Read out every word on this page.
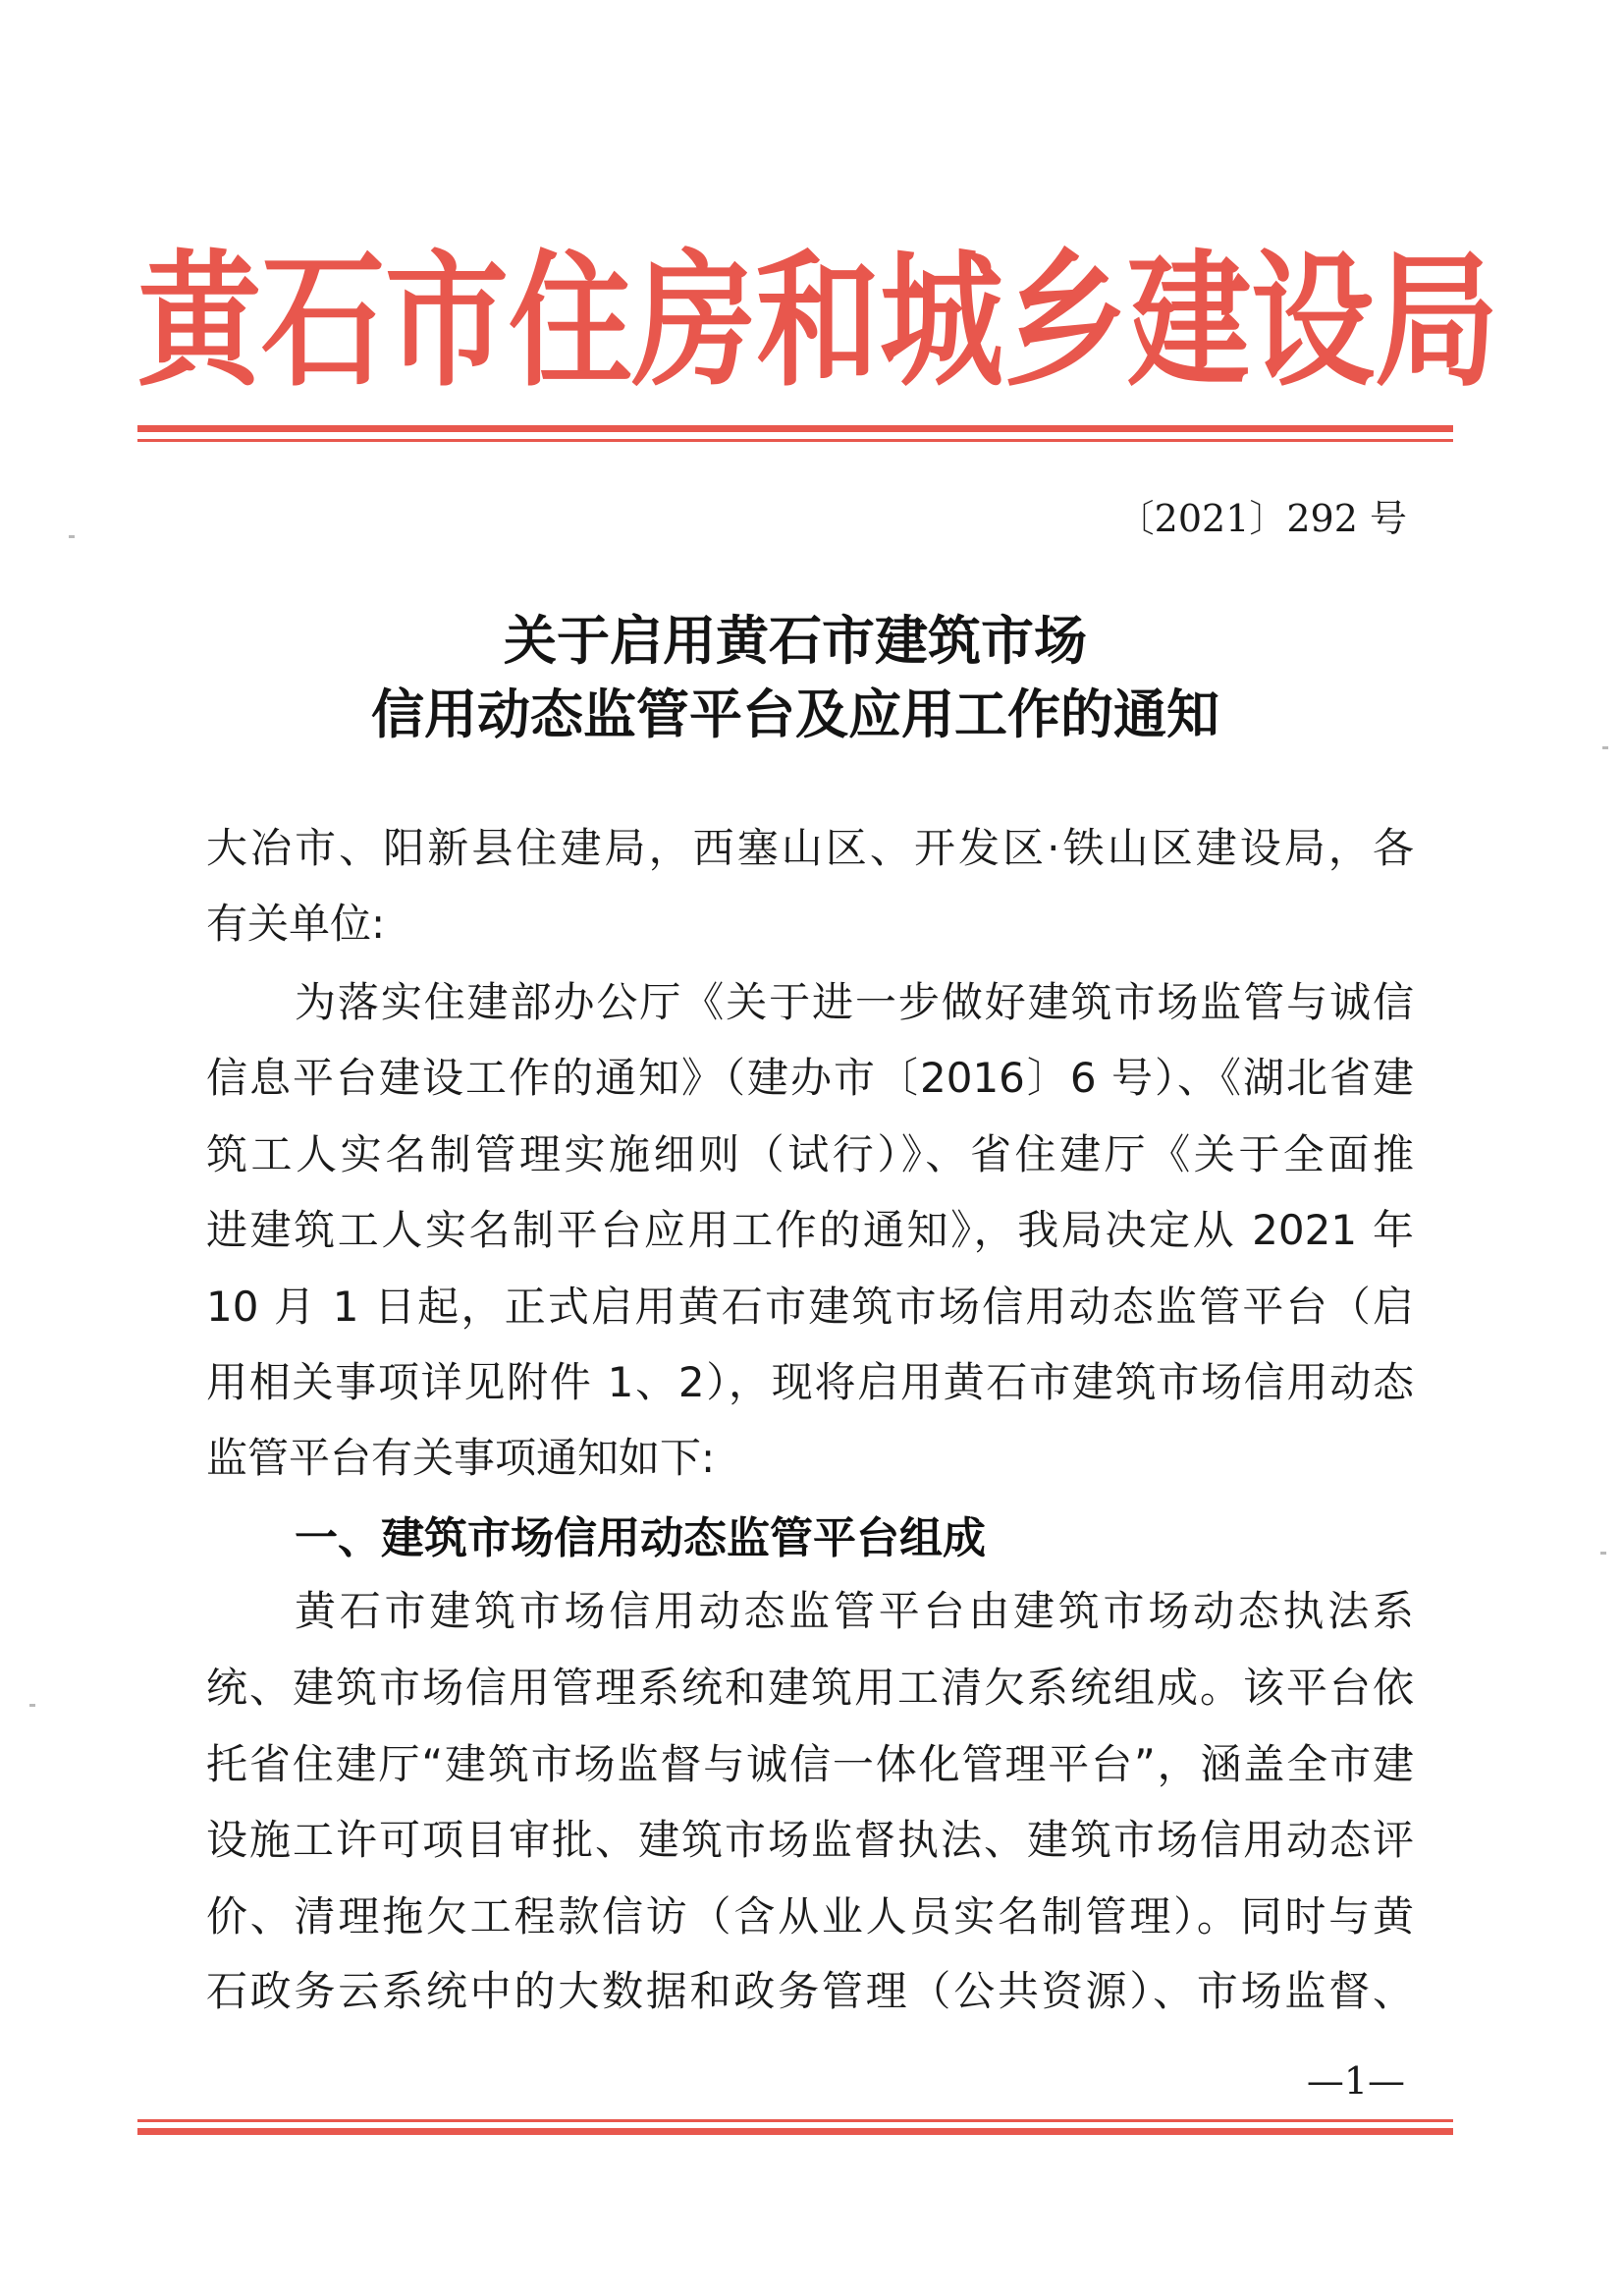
黄 石 市 住 房 和 城 乡 建 设 局
〔2021〕292 号
关于启用黄石市建筑市场
信用动态监管平台及应用工作的通知
大冶市、阳新县住建局，西塞山区、开发区·铁山区建设局，各
有关单位:
为落实住建部办公厅《关于进一步做好建筑市场监管与诚信
信息平台建设工作的通知》（建办市〔2016〕6 号）、《湖北省建
筑工人实名制管理实施细则（试行）》、省住建厅《关于全面推
进建筑工人实名制平台应用工作的通知》，我局决定从 2021 年
10 月 1 日起，正式启用黄石市建筑市场信用动态监管平台（启
用相关事项详见附件 1、2），现将启用黄石市建筑市场信用动态
监管平台有关事项通知如下:
一、建筑市场信用动态监管平台组成
黄石市建筑市场信用动态监管平台由建筑市场动态执法系
统、建筑市场信用管理系统和建筑用工清欠系统组成。该平台依
托省住建厅“建筑市场监督与诚信一体化管理平台”，涵盖全市建
设施工许可项目审批、建筑市场监督执法、建筑市场信用动态评
价、清理拖欠工程款信访（含从业人员实名制管理）。同时与黄
石政务云系统中的大数据和政务管理（公共资源）、市场监督、
—1—
